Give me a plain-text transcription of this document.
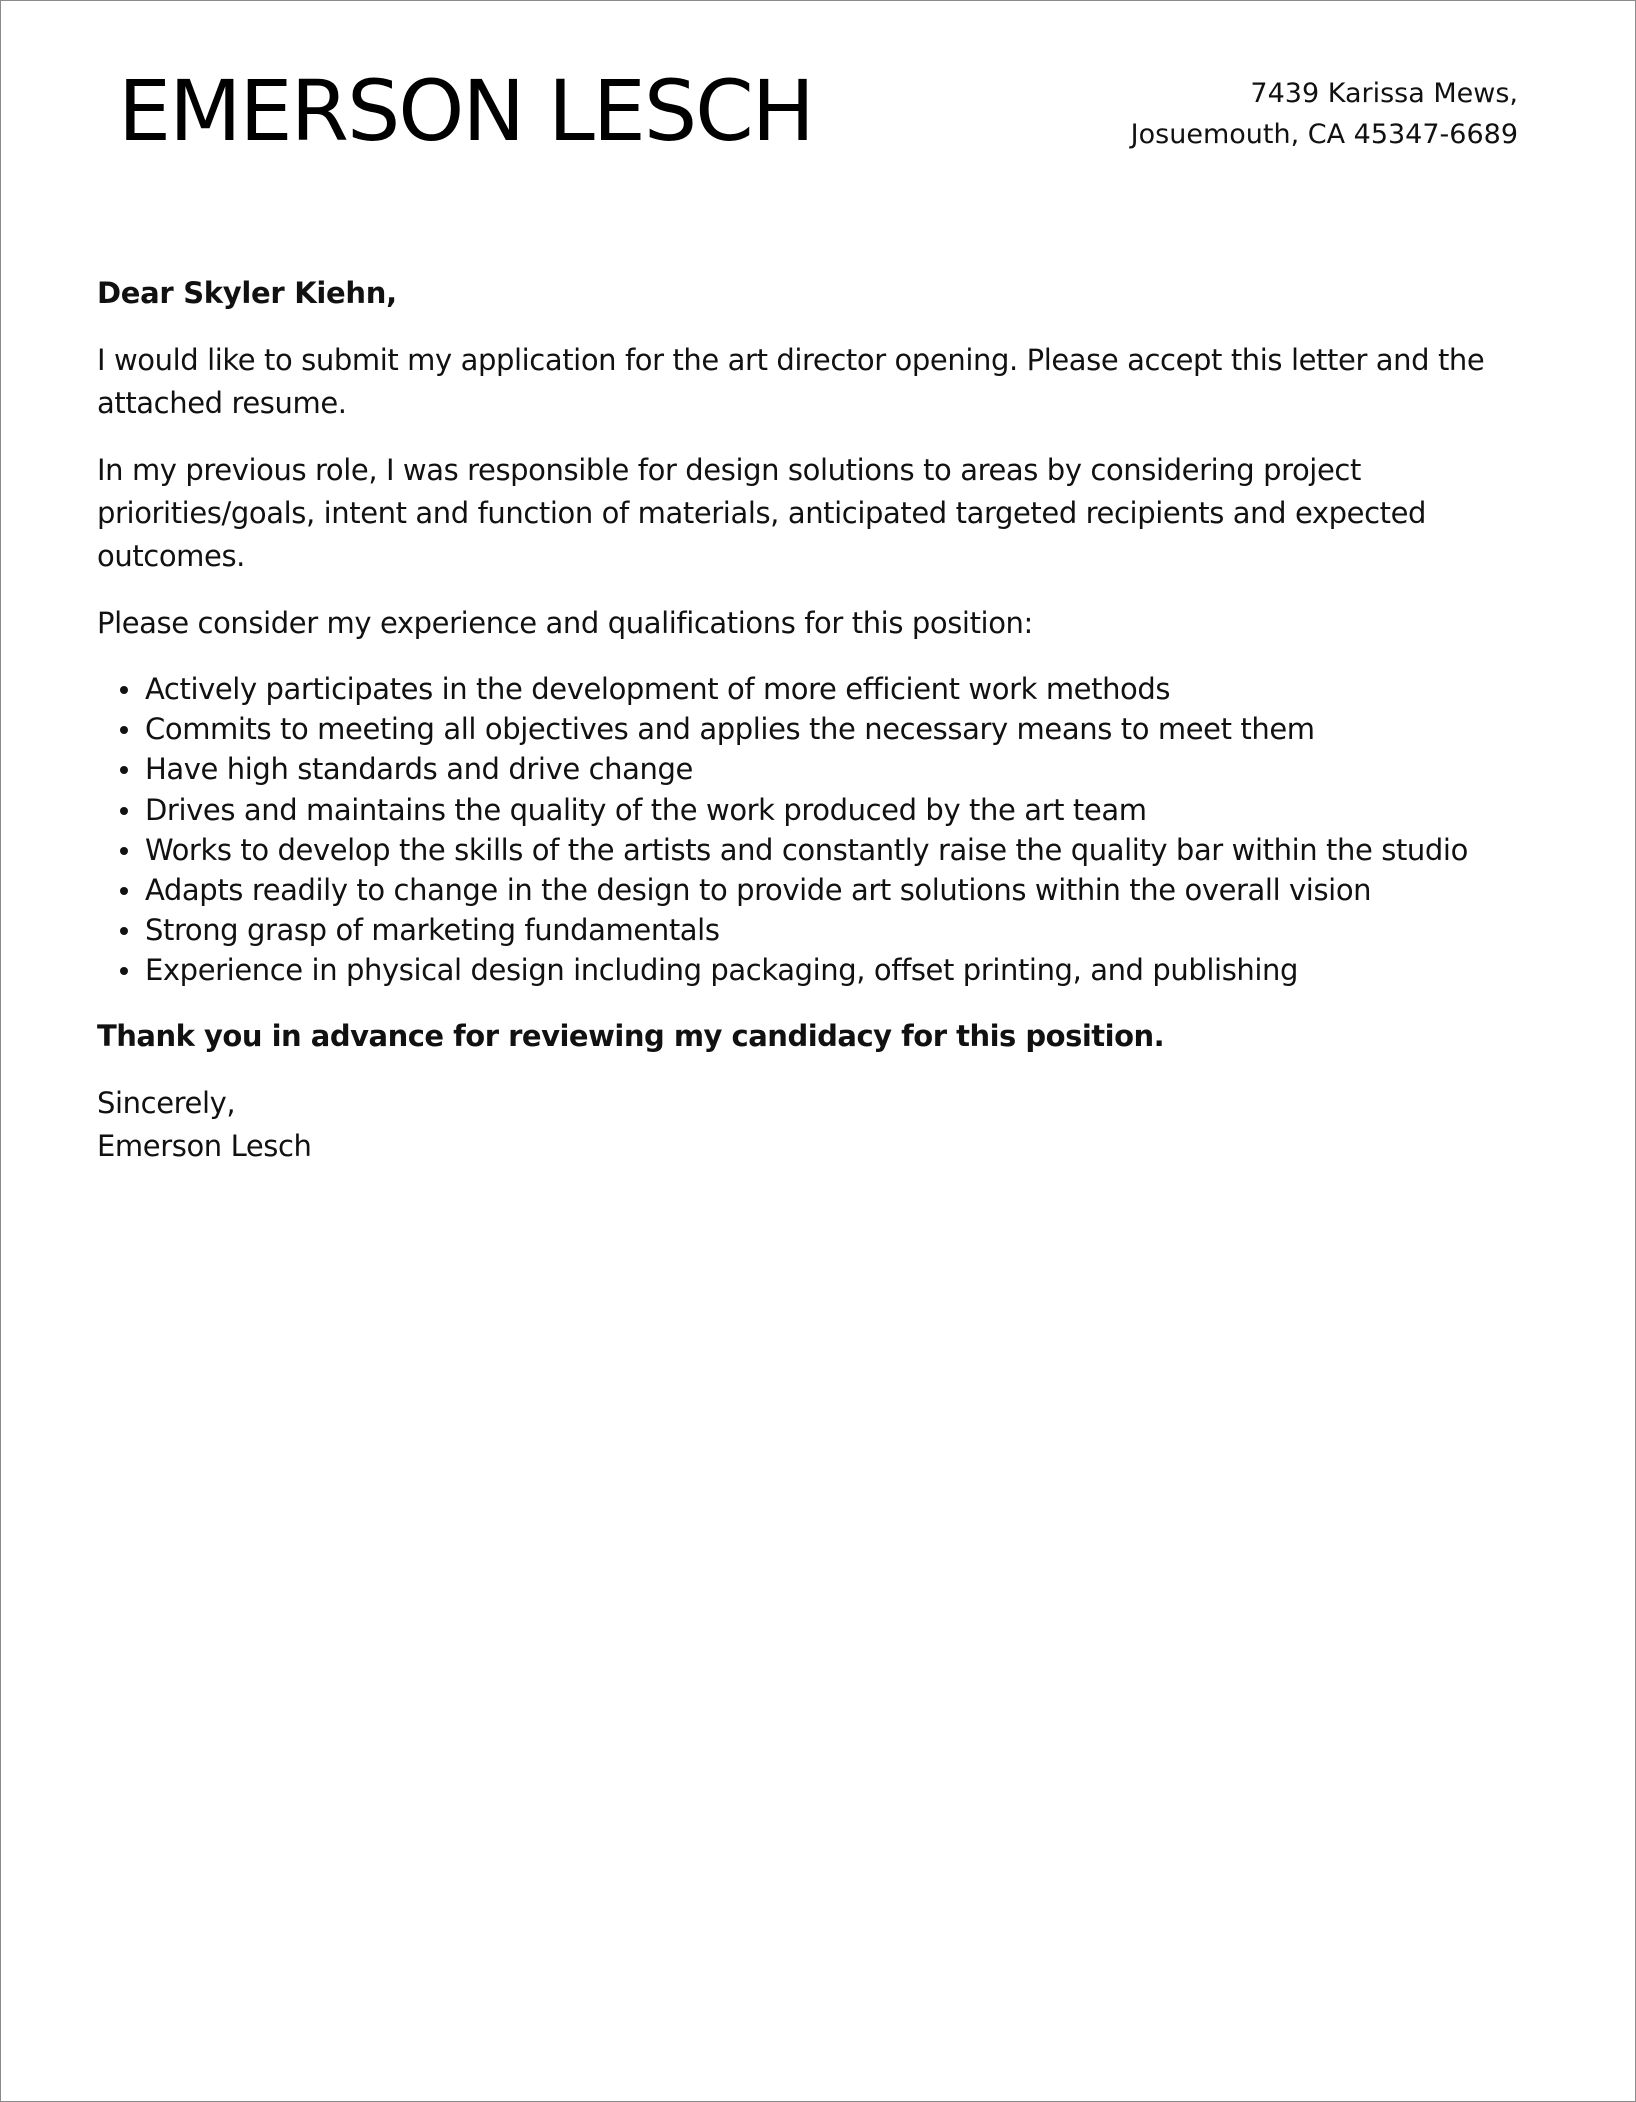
EMERSON LESCH	7439 Karissa Mews,
Josuemouth, CA 45347-6689

Dear Skyler Kiehn,

I would like to submit my application for the art director opening. Please accept this letter and the attached resume.

In my previous role, I was responsible for design solutions to areas by considering project priorities/goals, intent and function of materials, anticipated targeted recipients and expected outcomes.

Please consider my experience and qualifications for this position:

Actively participates in the development of more efficient work methods
Commits to meeting all objectives and applies the necessary means to meet them
Have high standards and drive change
Drives and maintains the quality of the work produced by the art team
Works to develop the skills of the artists and constantly raise the quality bar within the studio
Adapts readily to change in the design to provide art solutions within the overall vision
Strong grasp of marketing fundamentals
Experience in physical design including packaging, offset printing, and publishing

Thank you in advance for reviewing my candidacy for this position.

Sincerely,
Emerson Lesch
